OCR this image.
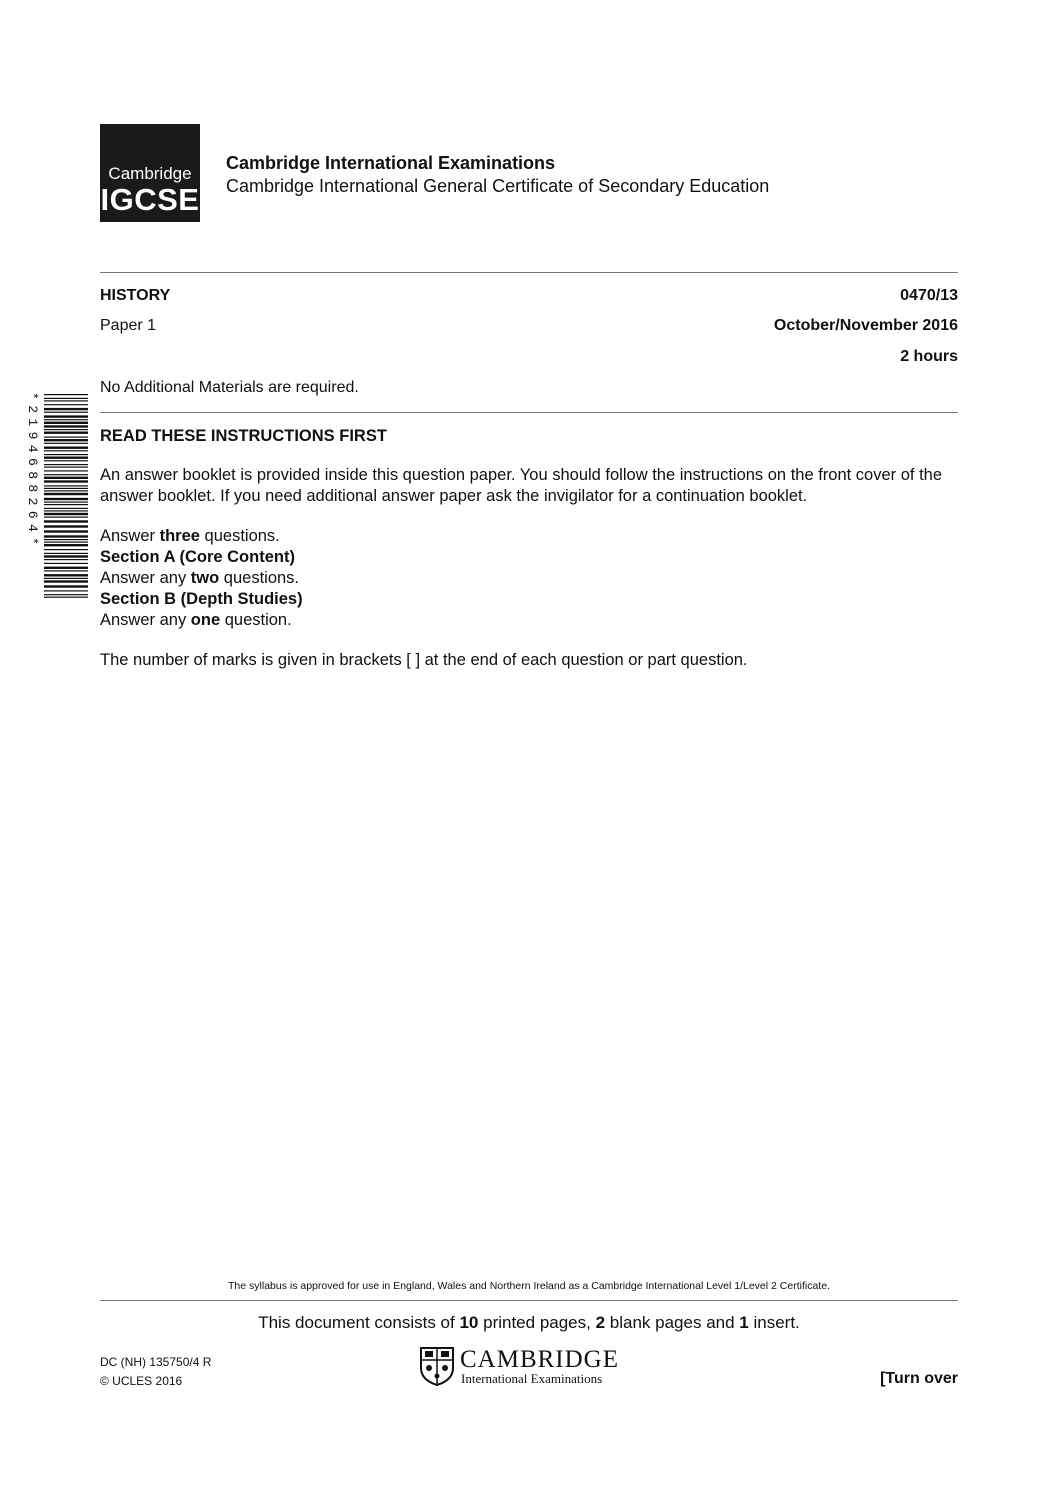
Cambridge
IGCSE
Cambridge International Examinations
Cambridge International General Certificate of Secondary Education
HISTORY	0470/13
Paper 1	October/November 2016
2 hours
No Additional Materials are required.
*2194688264*	READ THESE INSTRUCTIONS FIRST
An answer booklet is provided inside this question paper. You should follow the instructions on the front cover of the answer booklet. If you need additional answer paper ask the invigilator for a continuation booklet.
Answer three questions.
Section A (Core Content)
Answer any two questions.
Section B (Depth Studies)
Answer any one question.
The number of marks is given in brackets [ ] at the end of each question or part question.
The syllabus is approved for use in England, Wales and Northern Ireland as a Cambridge International Level 1/Level 2 Certificate.
This document consists of 10 printed pages, 2 blank pages and 1 insert.
DC (NH) 135750/4 R
© UCLES 2016
CAMBRIDGE
International Examinations	[Turn over
